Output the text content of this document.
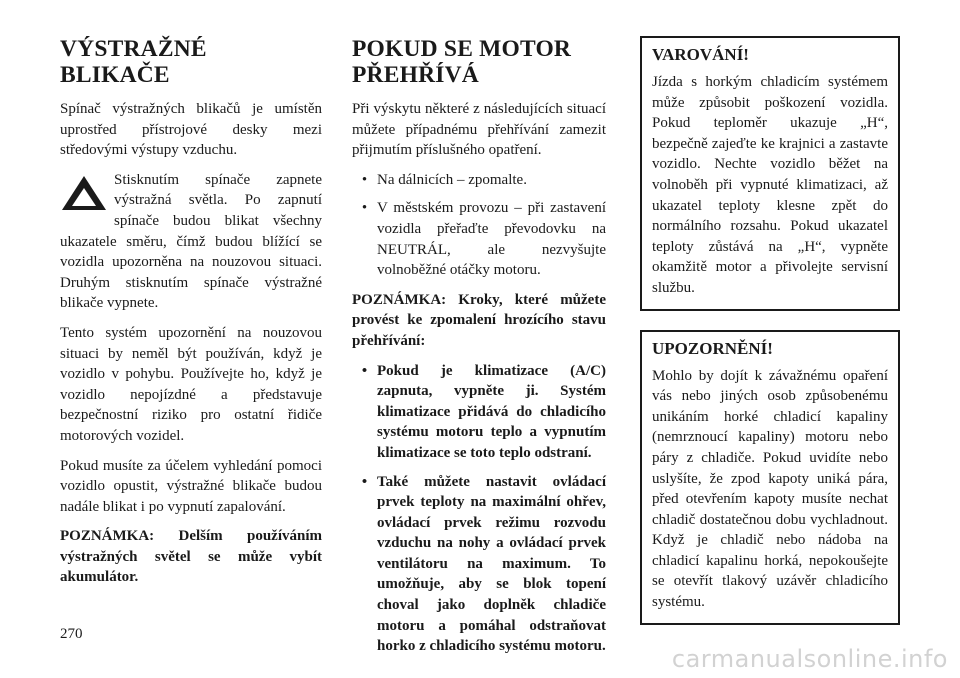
VÝSTRAŽNÉ BLIKAČE

Spínač výstražných blikačů je umístěn uprostřed přístrojové desky mezi středovými výstupy vzduchu.

Stisknutím spínače zapnete výstražná světla. Po zapnutí spínače budou blikat všechny ukazatele směru, čímž budou blížící se vozidla upozorněna na nouzovou situaci. Druhým stisknutím spínače výstražné blikače vypnete.

Tento systém upozornění na nouzovou situaci by neměl být používán, když je vozidlo v pohybu. Používejte ho, když je vozidlo nepojízdné a představuje bezpečnostní riziko pro ostatní řidiče motorových vozidel.

Pokud musíte za účelem vyhledání pomoci vozidlo opustit, výstražné blikače budou nadále blikat i po vypnutí zapalování.

POZNÁMKA: Delším používáním výstražných světel se může vybít akumulátor.

POKUD SE MOTOR
PŘEHŘÍVÁ

Při výskytu některé z následujících situací můžete případnému přehřívání zamezit přijmutím příslušného opatření.

• Na dálnicích – zpomalte.
• V městském provozu – při zastavení vozidla přeřaďte převodovku na NEUTRÁL, ale nezvyšujte volnoběžné otáčky motoru.

POZNÁMKA: Kroky, které můžete provést ke zpomalení hrozícího stavu přehřívání:

• Pokud je klimatizace (A/C) zapnuta, vypněte ji. Systém klimatizace přidává do chladicího systému motoru teplo a vypnutím klimatizace se toto teplo odstraní.
• Také můžete nastavit ovládací prvek teploty na maximální ohřev, ovládací prvek režimu rozvodu vzduchu na nohy a ovládací prvek ventilátoru na maximum. To umožňuje, aby se blok topení choval jako doplněk chladiče motoru a pomáhal odstraňovat horko z chladicího systému motoru.
VAROVÁNÍ!

Jízda s horkým chladicím systémem může způsobit poškození vozidla. Pokud teploměr ukazuje „H“, bezpečně zajeďte ke krajnici a zastavte vozidlo. Nechte vozidlo běžet na volnoběh při vypnuté klimatizaci, až ukazatel teploty klesne zpět do normálního rozsahu. Pokud ukazatel teploty zůstává na „H“, vypněte okamžitě motor a přivolejte servisní službu.

UPOZORNĚNÍ!

Mohlo by dojít k závažnému opaření vás nebo jiných osob způsobenému unikáním horké chladicí kapaliny (nemrznoucí kapaliny) motoru nebo páry z chladiče. Pokud uvidíte nebo uslyšíte, že zpod kapoty uniká pára, před otevřením kapoty musíte nechat chladič dostatečnou dobu vychladnout. Když je chladič nebo nádoba na chladicí kapalinu horká, nepokoušejte se otevřít tlakový uzávěr chladicího systému.

270
carmanualsonline.info
